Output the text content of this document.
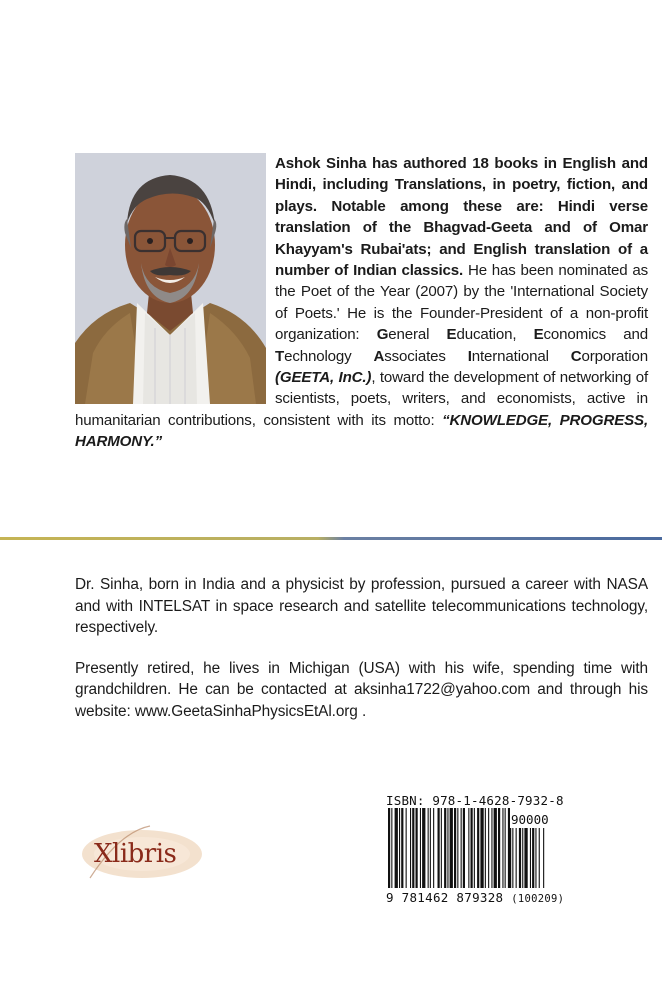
Ashok Sinha has authored 18 books in English and Hindi, including Translations, in poetry, fiction, and plays. Notable among these are: Hindi verse translation of the Bhagvad-Geeta and of Omar Khayyam's Rubai'ats; and English translation of a number of Indian classics. He has been nominated as the Poet of the Year (2007) by the 'International Society of Poets.' He is the Founder-President of a non-profit organization: General Education, Economics and Technology Associates International Corporation (GEETA, InC.), toward the development of networking of scientists, poets, writers, and economists, active in humanitarian contributions, consistent with its motto: “KNOWLEDGE, PROGRESS, HARMONY.”

Dr. Sinha, born in India and a physicist by profession, pursued a career with NASA and with INTELSAT in space research and satellite telecommunications technology, respectively.

Presently retired, he lives in Michigan (USA) with his wife, spending time with grandchildren. He can be contacted at aksinha1722@yahoo.com and through his website: www.GeetaSinhaPhysicsEtAl.org .

Xlibris
ISBN: 978-1-4628-7932-8
90000
9 781462 879328 (100209)
